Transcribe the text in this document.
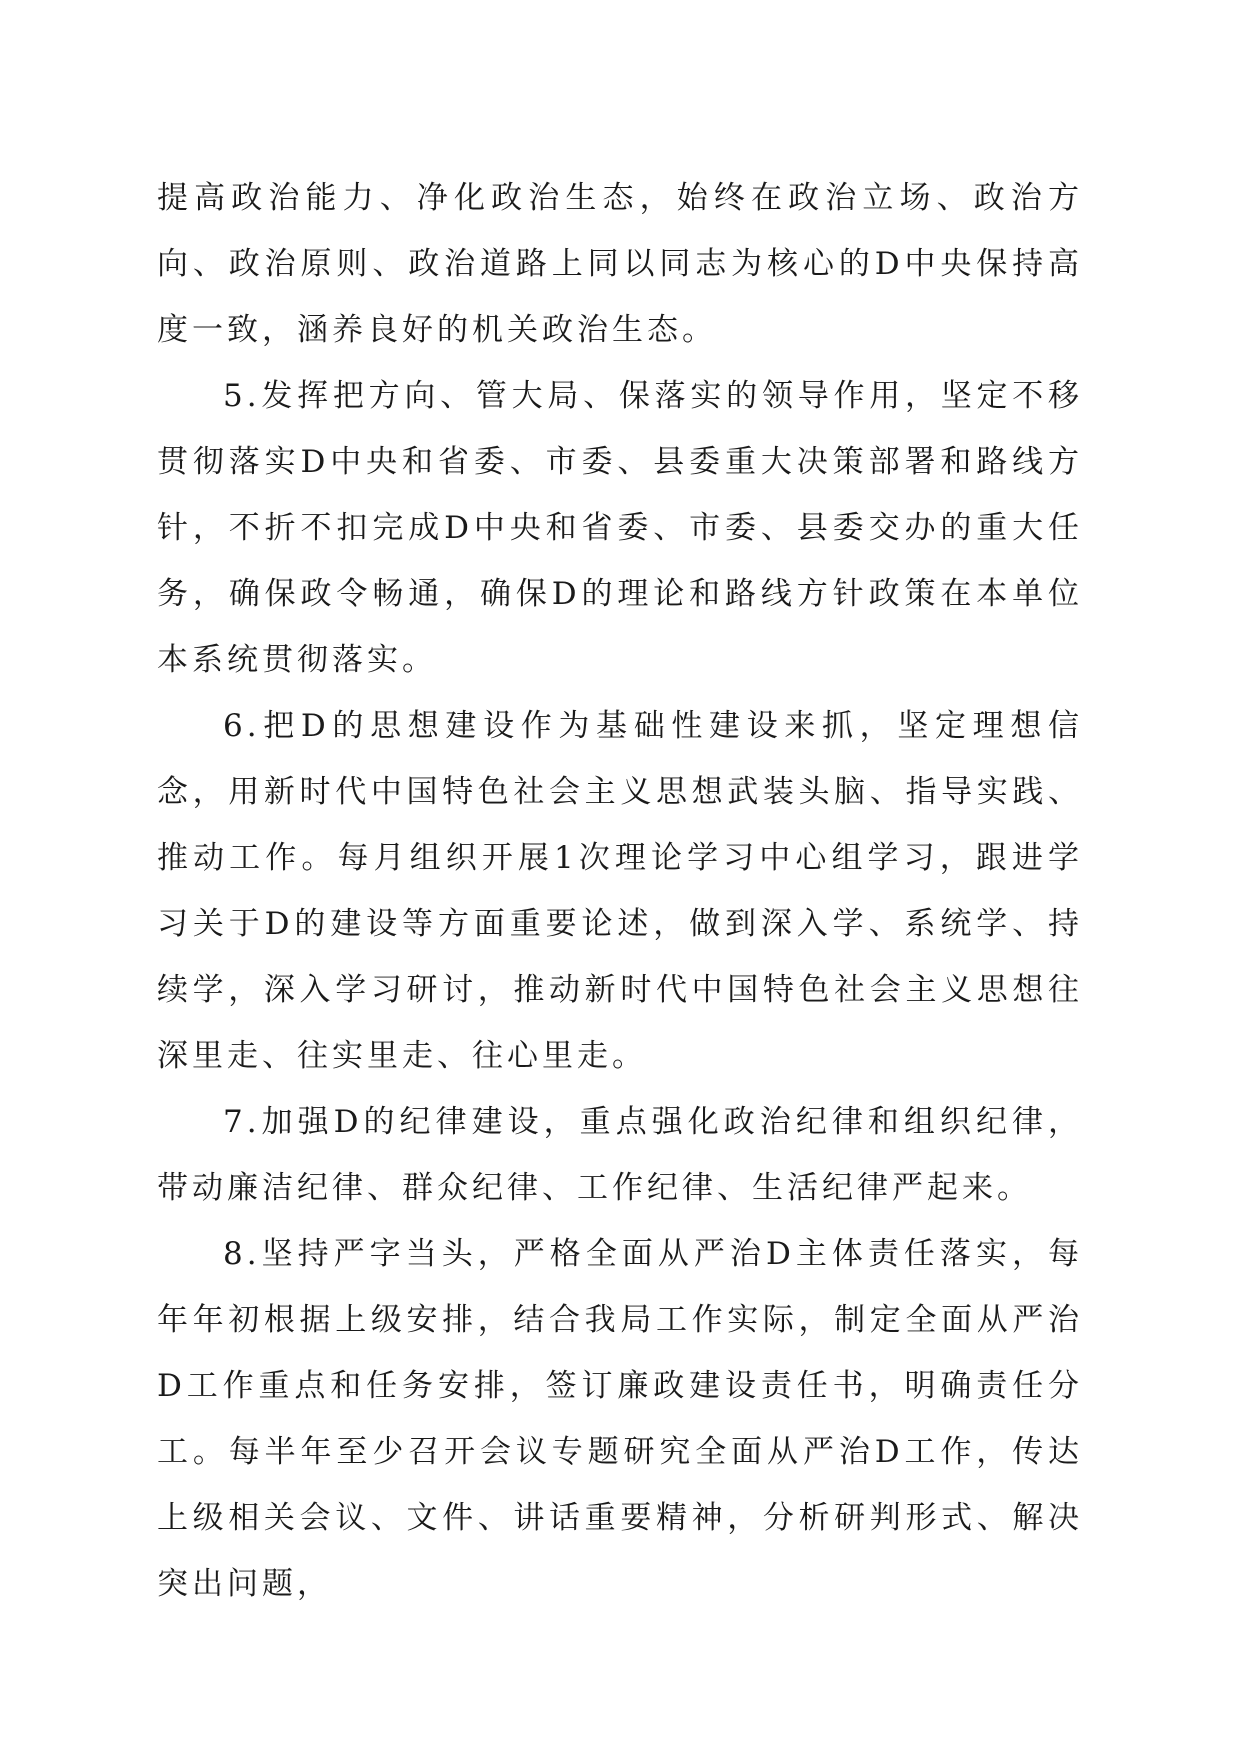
提高政治能力、净化政治生态，始终在政治立场、政治方向、政治原则、政治道路上同以同志为核心的D中央保持高度一致，涵养良好的机关政治生态。

5.发挥把方向、管大局、保落实的领导作用，坚定不移贯彻落实D中央和省委、市委、县委重大决策部署和路线方针，不折不扣完成D中央和省委、市委、县委交办的重大任务，确保政令畅通，确保D的理论和路线方针政策在本单位本系统贯彻落实。

6.把D的思想建设作为基础性建设来抓，坚定理想信念，用新时代中国特色社会主义思想武装头脑、指导实践、推动工作。每月组织开展1次理论学习中心组学习，跟进学习关于D的建设等方面重要论述，做到深入学、系统学、持续学，深入学习研讨，推动新时代中国特色社会主义思想往深里走、往实里走、往心里走。

7.加强D的纪律建设，重点强化政治纪律和组织纪律，带动廉洁纪律、群众纪律、工作纪律、生活纪律严起来。

8.坚持严字当头，严格全面从严治D主体责任落实，每年年初根据上级安排，结合我局工作实际，制定全面从严治D工作重点和任务安排，签订廉政建设责任书，明确责任分工。每半年至少召开会议专题研究全面从严治D工作，传达上级相关会议、文件、讲话重要精神，分析研判形式、解决突出问题，
